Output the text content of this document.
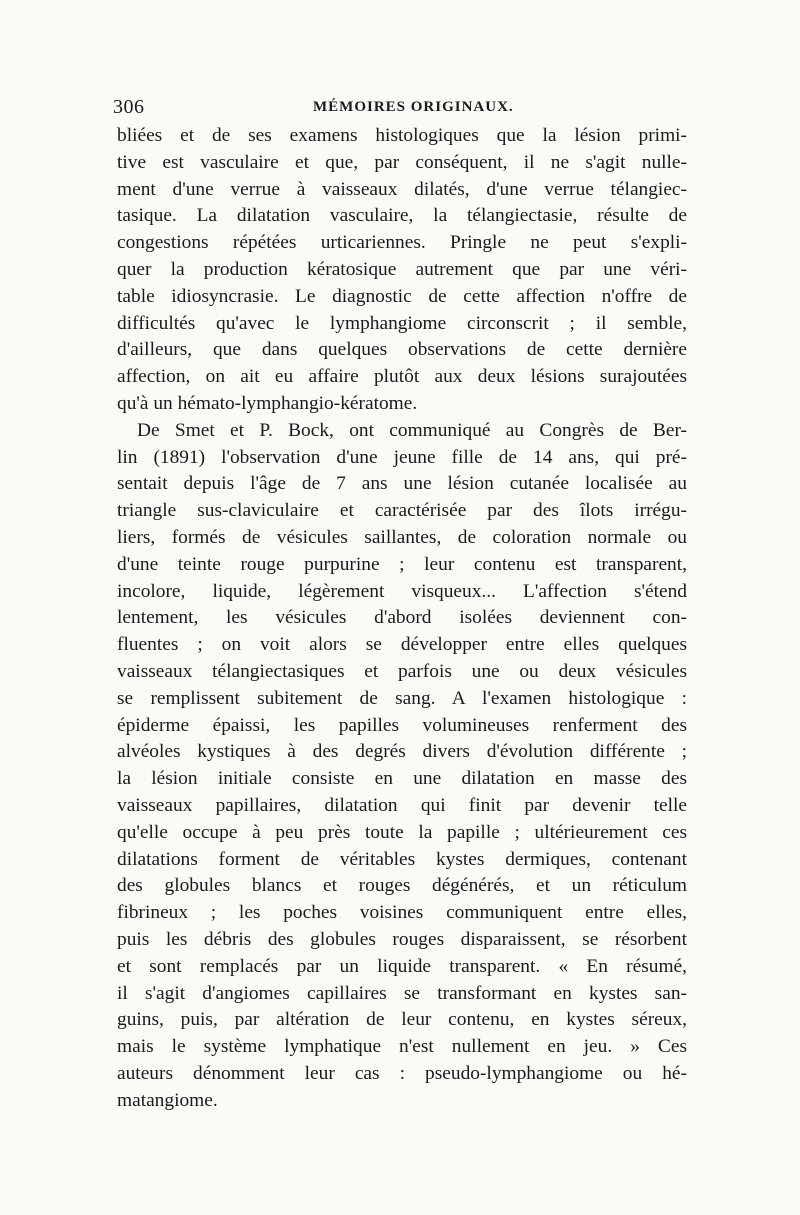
306	MÉMOIRES ORIGINAUX.
bliées et de ses examens histologiques que la lésion primi-
tive est vasculaire et que, par conséquent, il ne s'agit nulle-
ment d'une verrue à vaisseaux dilatés, d'une verrue télangiec-
tasique. La dilatation vasculaire, la télangiectasie, résulte de
congestions répétées urticariennes. Pringle ne peut s'expli-
quer la production kératosique autrement que par une véri-
table idiosyncrasie. Le diagnostic de cette affection n'offre de
difficultés qu'avec le lymphangiome circonscrit ; il semble,
d'ailleurs, que dans quelques observations de cette dernière
affection, on ait eu affaire plutôt aux deux lésions surajoutées
qu'à un hémato-lymphangio-kératome.
De Smet et P. Bock, ont communiqué au Congrès de Ber-
lin (1891) l'observation d'une jeune fille de 14 ans, qui pré-
sentait depuis l'âge de 7 ans une lésion cutanée localisée au
triangle sus-claviculaire et caractérisée par des îlots irrégu-
liers, formés de vésicules saillantes, de coloration normale ou
d'une teinte rouge purpurine ; leur contenu est transparent,
incolore, liquide, légèrement visqueux... L'affection s'étend
lentement, les vésicules d'abord isolées deviennent con-
fluentes ; on voit alors se développer entre elles quelques
vaisseaux télangiectasiques et parfois une ou deux vésicules
se remplissent subitement de sang. A l'examen histologique :
épiderme épaissi, les papilles volumineuses renferment des
alvéoles kystiques à des degrés divers d'évolution différente ;
la lésion initiale consiste en une dilatation en masse des
vaisseaux papillaires, dilatation qui finit par devenir telle
qu'elle occupe à peu près toute la papille ; ultérieurement ces
dilatations forment de véritables kystes dermiques, contenant
des globules blancs et rouges dégénérés, et un réticulum
fibrineux ; les poches voisines communiquent entre elles,
puis les débris des globules rouges disparaissent, se résorbent
et sont remplacés par un liquide transparent. « En résumé,
il s'agit d'angiomes capillaires se transformant en kystes san-
guins, puis, par altération de leur contenu, en kystes séreux,
mais le système lymphatique n'est nullement en jeu. » Ces
auteurs dénomment leur cas : pseudo-lymphangiome ou hé-
matangiome.
